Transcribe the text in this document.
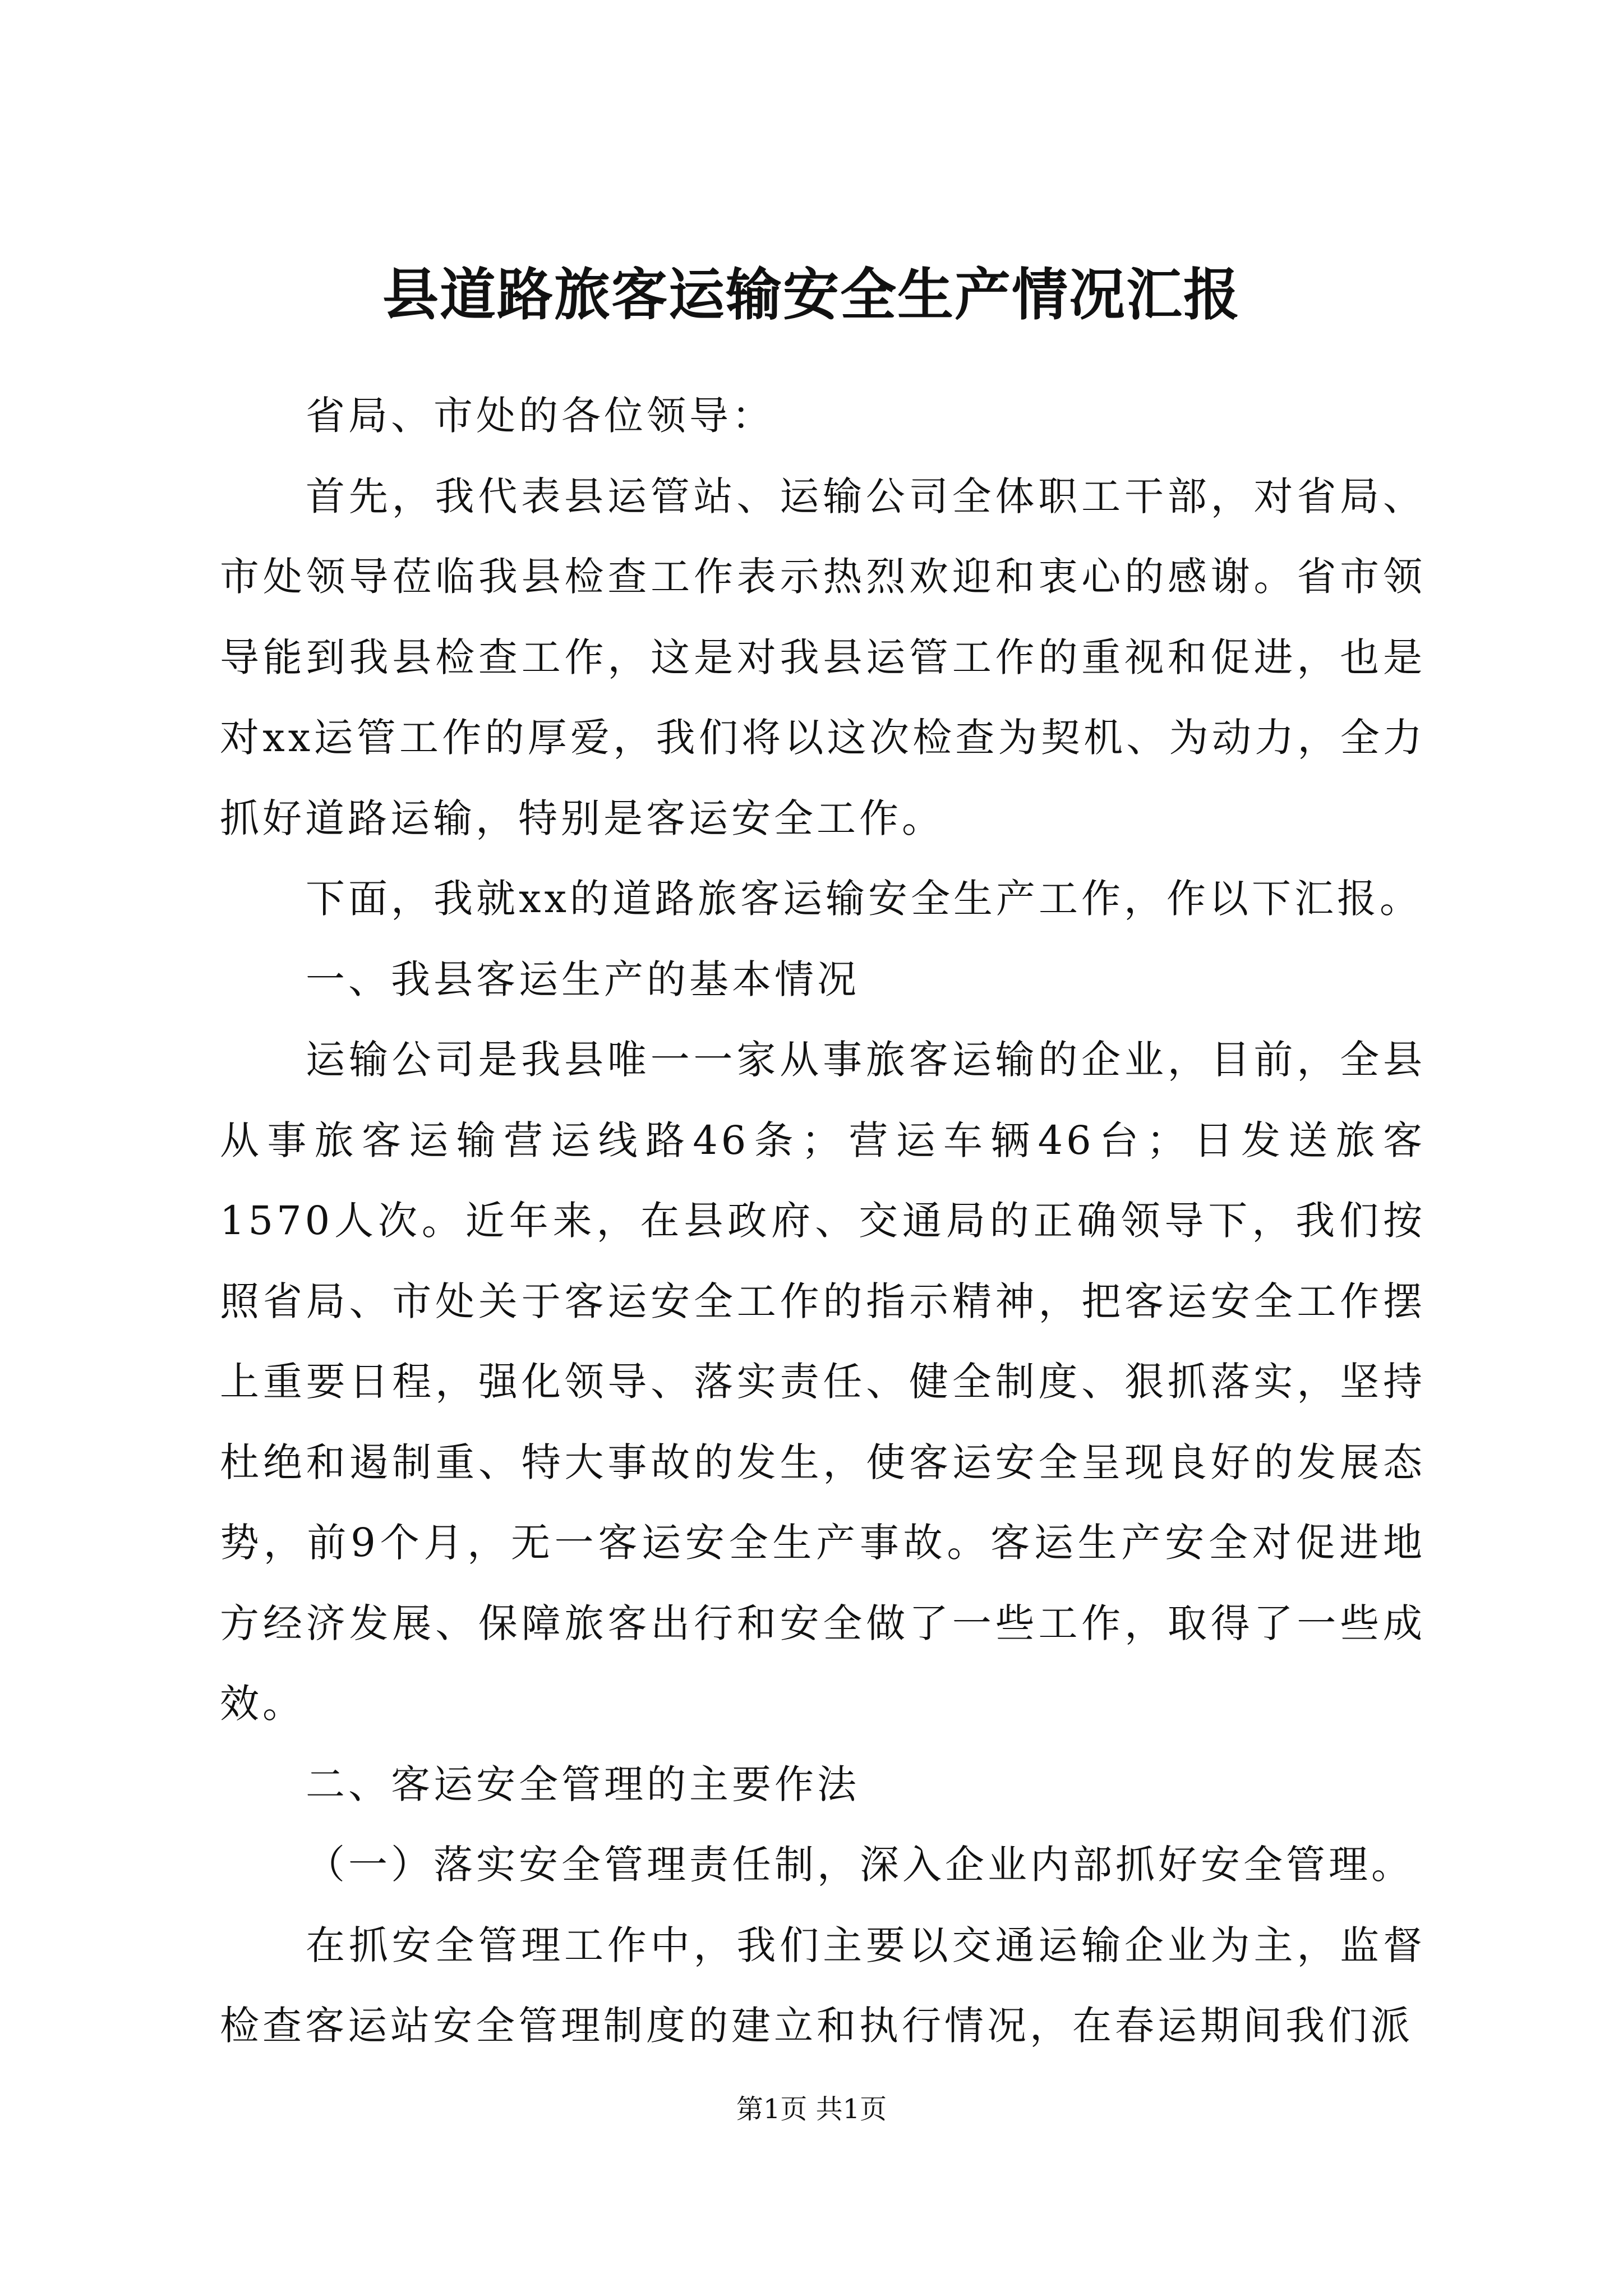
县道路旅客运输安全生产情况汇报

省局、市处的各位领导：

首先，我代表县运管站、运输公司全体职工干部，对省局、市处领导莅临我县检查工作表示热烈欢迎和衷心的感谢。省市领导能到我县检查工作，这是对我县运管工作的重视和促进，也是对xx运管工作的厚爱，我们将以这次检查为契机、为动力，全力抓好道路运输，特别是客运安全工作。

下面，我就xx的道路旅客运输安全生产工作，作以下汇报。

一、我县客运生产的基本情况

运输公司是我县唯一一家从事旅客运输的企业，目前，全县从事旅客运输营运线路46条；营运车辆46台；日发送旅客1570人次。近年来，在县政府、交通局的正确领导下，我们按照省局、市处关于客运安全工作的指示精神，把客运安全工作摆上重要日程，强化领导、落实责任、健全制度、狠抓落实，坚持杜绝和遏制重、特大事故的发生，使客运安全呈现良好的发展态势，前9个月，无一客运安全生产事故。客运生产安全对促进地方经济发展、保障旅客出行和安全做了一些工作，取得了一些成效。

二、客运安全管理的主要作法

（一）落实安全管理责任制，深入企业内部抓好安全管理。

在抓安全管理工作中，我们主要以交通运输企业为主，监督检查客运站安全管理制度的建立和执行情况，在春运期间我们派

第1页 共1页
